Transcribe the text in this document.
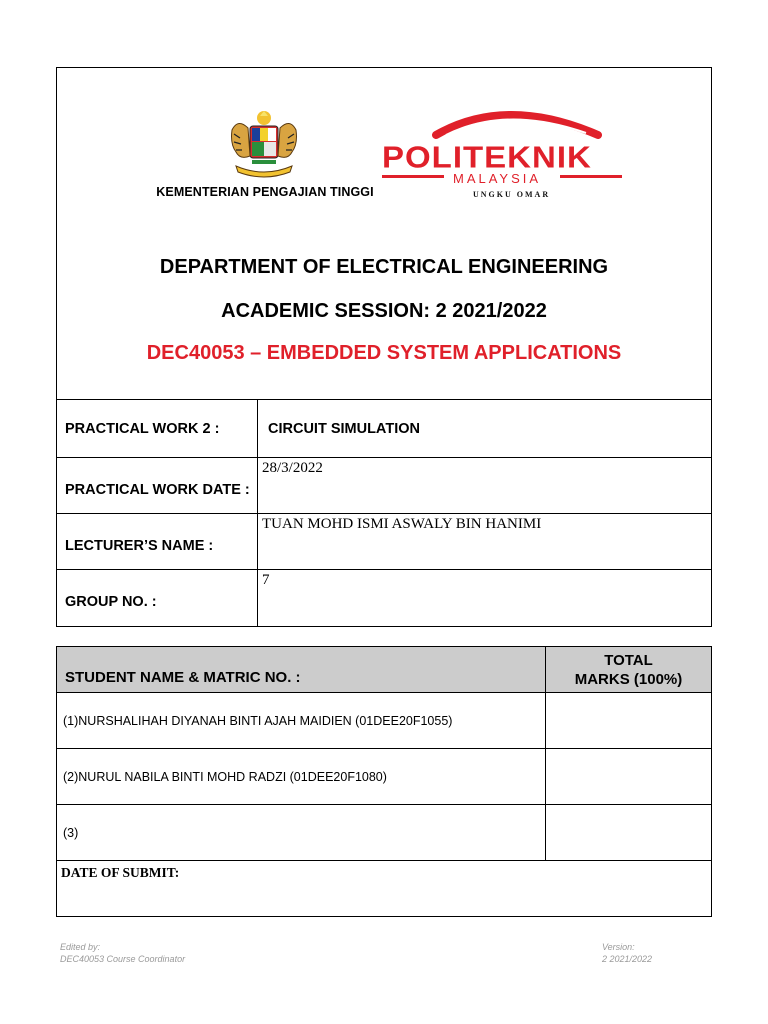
KEMENTERIAN PENGAJIAN TINGGI
POLITEKNIK
MALAYSIA
UNGKU OMAR
DEPARTMENT OF ELECTRICAL ENGINEERING
ACADEMIC SESSION: 2 2021/2022
DEC40053 – EMBEDDED SYSTEM APPLICATIONS
PRACTICAL WORK 2 :	CIRCUIT SIMULATION
PRACTICAL WORK DATE :	28/3/2022
LECTURER’S NAME :	TUAN MOHD ISMI ASWALY BIN HANIMI
GROUP NO. :	7
STUDENT NAME & MATRIC NO. :	TOTAL
MARKS (100%)

(1)NURSHALIHAH DIYANAH BINTI AJAH MAIDIEN (01DEE20F1055)	
(2)NURUL NABILA BINTI MOHD RADZI (01DEE20F1080)	
(3)	
DATE OF SUBMIT:	
Edited by:
DEC40053 Course Coordinator
Version:
2 2021/2022
